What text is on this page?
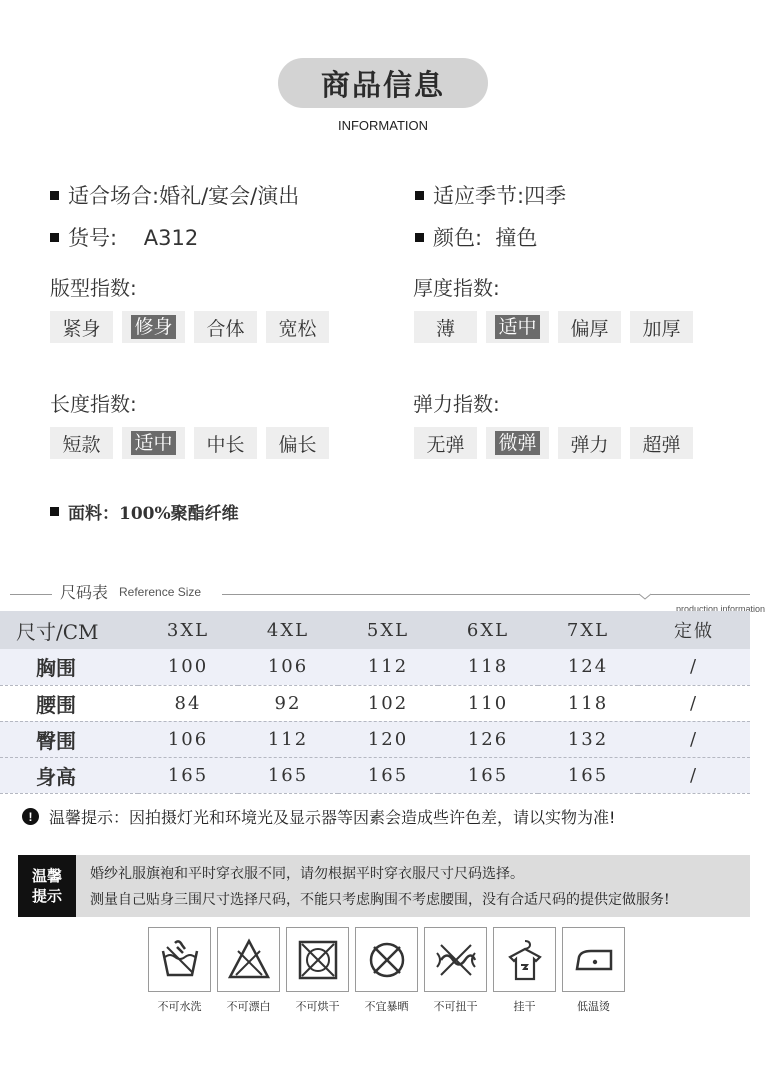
商品信息
INFORMATION
适合场合:婚礼/宴会/演出	适应季节:四季
货号:    A312	颜色:  撞色
版型指数:
紧身 修身 合体 宽松
厚度指数:
薄 适中 偏厚 加厚
长度指数:
短款 适中 中长 偏长
弹力指数:
无弹 微弹 弹力 超弹
面料：100%聚酯纤维
尺码表 Reference Size
production information
尺寸/CM	3XL	4XL	5XL	6XL	7XL	定做
胸围	100	106	112	118	124	/
腰围	84	92	102	110	118	/
臀围	106	112	120	126	132	/
身高	165	165	165	165	165	/
!	温馨提示：因拍摄灯光和环境光及显示器等因素会造成些许色差，请以实物为准!
温馨
提示
婚纱礼服旗袍和平时穿衣服不同，请勿根据平时穿衣服尺寸尺码选择。
测量自己贴身三围尺寸选择尺码，不能只考虑胸围不考虑腰围，没有合适尺码的提供定做服务!
不可水洗 不可漂白 不可烘干 不宜暴晒 不可扭干	挂干	低温烫
